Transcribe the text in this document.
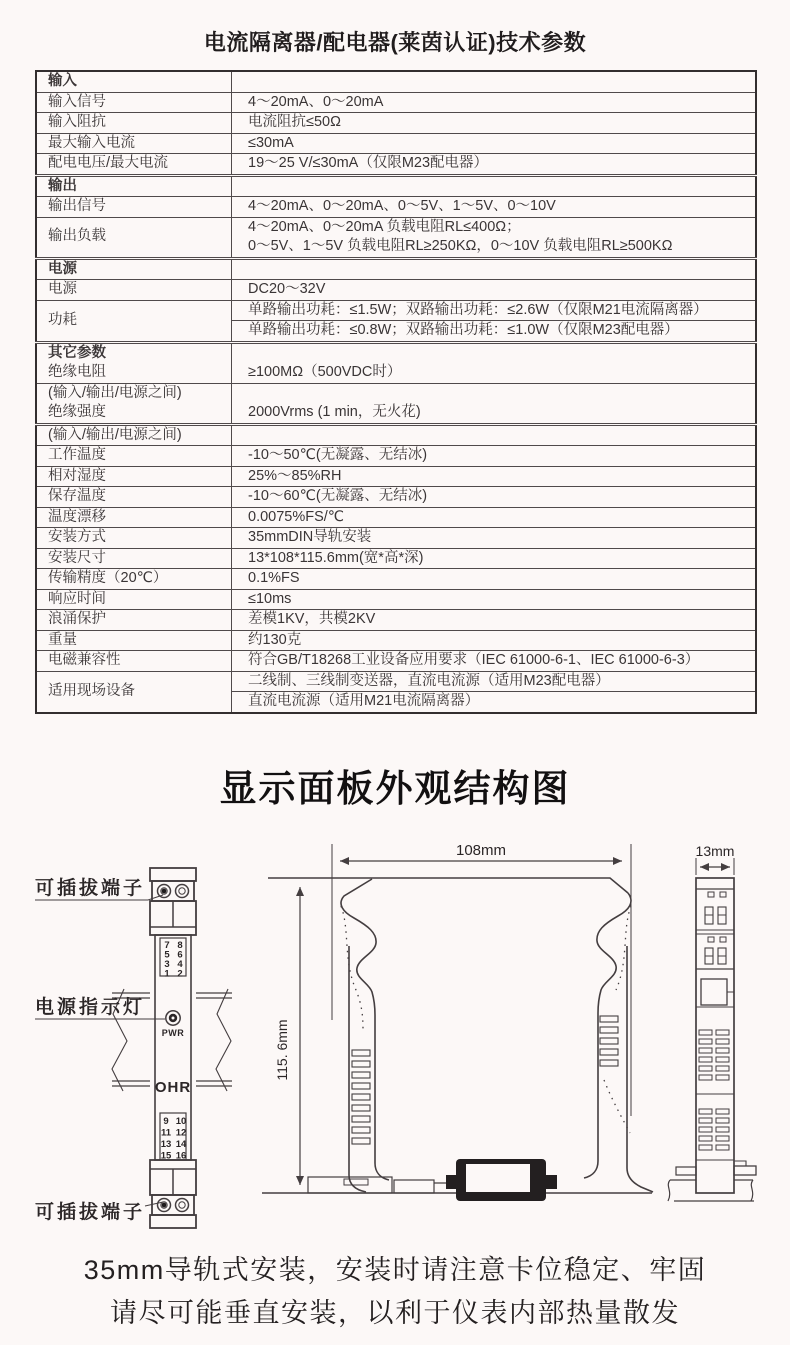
电流隔离器/配电器(莱茵认证)技术参数
输入	

输入信号	4～20mA、0～20mA

输入阻抗	电流阻抗≤50Ω

最大输入电流	≤30mA

配电电压/最大电流	19～25 V/≤30mA（仅限M23配电器）

输出	

输出信号	4～20mA、0～20mA、0～5V、1～5V、0～10V

输出负载	4～20mA、0～20mA 负载电阻RL≤400Ω；
0～5V、1～5V 负载电阻RL≥250KΩ，0～10V 负载电阻RL≥500KΩ

电源	

电源	DC20～32V

功耗	单路输出功耗：≤1.5W；双路输出功耗：≤2.6W（仅限M21电流隔离器）
单路输出功耗：≤0.8W；双路输出功耗：≤1.0W（仅限M23配电器）

其它参数
绝缘电阻	≥100MΩ（500VDC时）

(输入/输出/电源之间)
绝缘强度	2000Vrms (1 min，无火花)

(输入/输出/电源之间)	

工作温度	-10～50℃(无凝露、无结冰)

相对湿度	25%～85%RH

保存温度	-10～60℃(无凝露、无结冰)

温度漂移	0.0075%FS/℃

安装方式	35mmDIN导轨安装

安装尺寸	13*108*115.6mm(宽*高*深)

传输精度（20℃）	0.1%FS

响应时间	≤10ms

浪涌保护	差模1KV，共模2KV

重量	约130克

电磁兼容性	符合GB/T18268工业设备应用要求（IEC 61000-6-1、IEC 61000-6-3）

适用现场设备	二线制、三线制变送器，直流电流源（适用M23配电器）
直流电流源（适用M21电流隔离器）
显示面板外观结构图
可插拔端子
电源指示灯
可插拔端子
PWR
OHR
7 8
5 6
3 4
1 2
9 10
11 12
13 14
15 16
108mm
115. 6mm
13mm
35mm导轨式安装，安装时请注意卡位稳定、牢固
请尽可能垂直安装，以利于仪表内部热量散发
